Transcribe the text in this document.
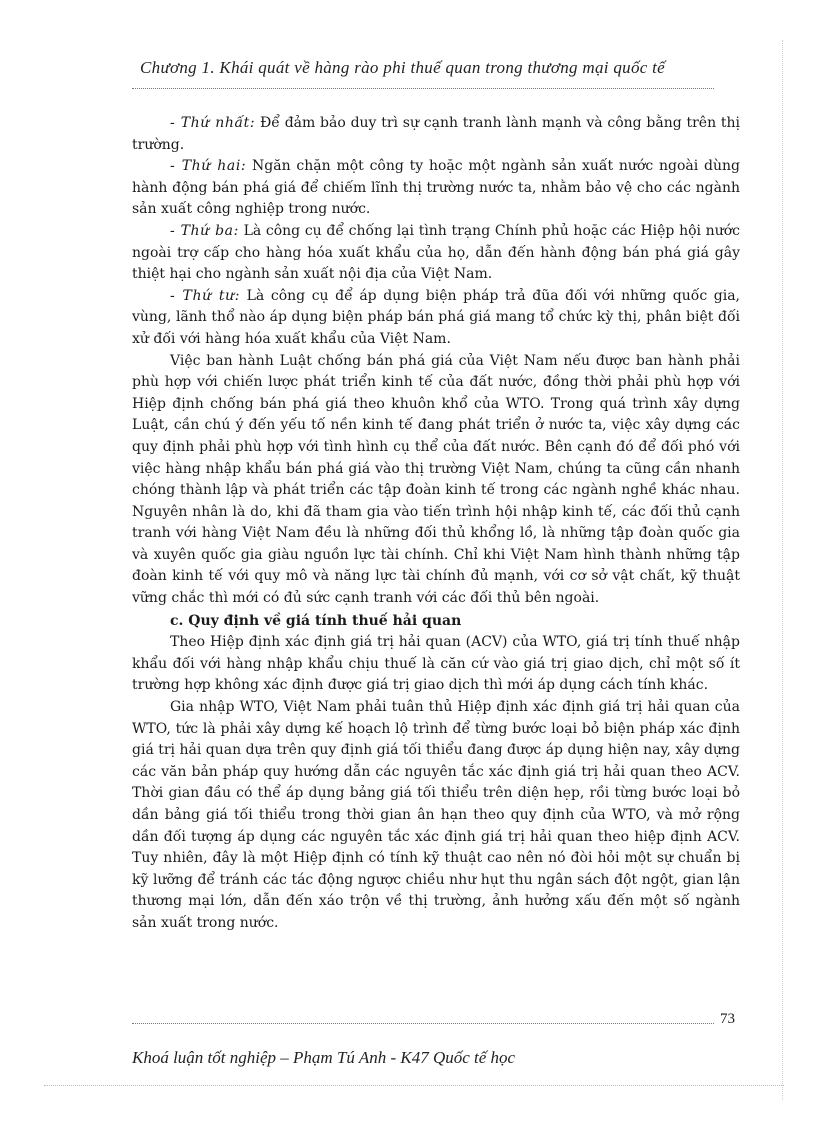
Chương 1. Khái quát về hàng rào phi thuế quan trong thương mại quốc tế

- Thứ nhất: Để đảm bảo duy trì sự cạnh tranh lành mạnh và công bằng trên thị trường.

- Thứ hai: Ngăn chặn một công ty hoặc một ngành sản xuất nước ngoài dùng hành động bán phá giá để chiếm lĩnh thị trường nước ta, nhằm bảo vệ cho các ngành sản xuất công nghiệp trong nước.

- Thứ ba: Là công cụ để chống lại tình trạng Chính phủ hoặc các Hiệp hội nước ngoài trợ cấp cho hàng hóa xuất khẩu của họ, dẫn đến hành động bán phá giá gây thiệt hại cho ngành sản xuất nội địa của Việt Nam.

- Thứ tư: Là công cụ để áp dụng biện pháp trả đũa đối với những quốc gia, vùng, lãnh thổ nào áp dụng biện pháp bán phá giá mang tổ chức kỳ thị, phân biệt đối xử đối với hàng hóa xuất khẩu của Việt Nam.

Việc ban hành Luật chống bán phá giá của Việt Nam nếu được ban hành phải phù hợp với chiến lược phát triển kinh tế của đất nước, đồng thời phải phù hợp với Hiệp định chống bán phá giá theo khuôn khổ của WTO. Trong quá trình xây dựng Luật, cần chú ý đến yếu tố nền kinh tế đang phát triển ở nước ta, việc xây dựng các quy định phải phù hợp với tình hình cụ thể của đất nước. Bên cạnh đó để đối phó với việc hàng nhập khẩu bán phá giá vào thị trường Việt Nam, chúng ta cũng cần nhanh chóng thành lập và phát triển các tập đoàn kinh tế trong các ngành nghề khác nhau. Nguyên nhân là do, khi đã tham gia vào tiến trình hội nhập kinh tế, các đối thủ cạnh tranh với hàng Việt Nam đều là những đối thủ khổng lồ, là những tập đoàn quốc gia và xuyên quốc gia giàu nguồn lực tài chính. Chỉ khi Việt Nam hình thành những tập đoàn kinh tế với quy mô và năng lực tài chính đủ mạnh, với cơ sở vật chất, kỹ thuật vững chắc thì mới có đủ sức cạnh tranh với các đối thủ bên ngoài.

c. Quy định về giá tính thuế hải quan

Theo Hiệp định xác định giá trị hải quan (ACV) của WTO, giá trị tính thuế nhập khẩu đối với hàng nhập khẩu chịu thuế là căn cứ vào giá trị giao dịch, chỉ một số ít trường hợp không xác định được giá trị giao dịch thì mới áp dụng cách tính khác.

Gia nhập WTO, Việt Nam phải tuân thủ Hiệp định xác định giá trị hải quan của WTO, tức là phải xây dựng kế hoạch lộ trình để từng bước loại bỏ biện pháp xác định giá trị hải quan dựa trên quy định giá tối thiểu đang được áp dụng hiện nay, xây dựng các văn bản pháp quy hướng dẫn các nguyên tắc xác định giá trị hải quan theo ACV. Thời gian đầu có thể áp dụng bảng giá tối thiểu trên diện hẹp, rồi từng bước loại bỏ dần bảng giá tối thiểu trong thời gian ân hạn theo quy định của WTO, và mở rộng dần đối tượng áp dụng các nguyên tắc xác định giá trị hải quan theo hiệp định ACV. Tuy nhiên, đây là một Hiệp định có tính kỹ thuật cao nên nó đòi hỏi một sự chuẩn bị kỹ lưỡng để tránh các tác động ngược chiều như hụt thu ngân sách đột ngột, gian lận thương mại lớn, dẫn đến xáo trộn về thị trường, ảnh hưởng xấu đến một số ngành sản xuất trong nước.

73
Khoá luận tốt nghiệp – Phạm Tú Anh - K47 Quốc tế học
